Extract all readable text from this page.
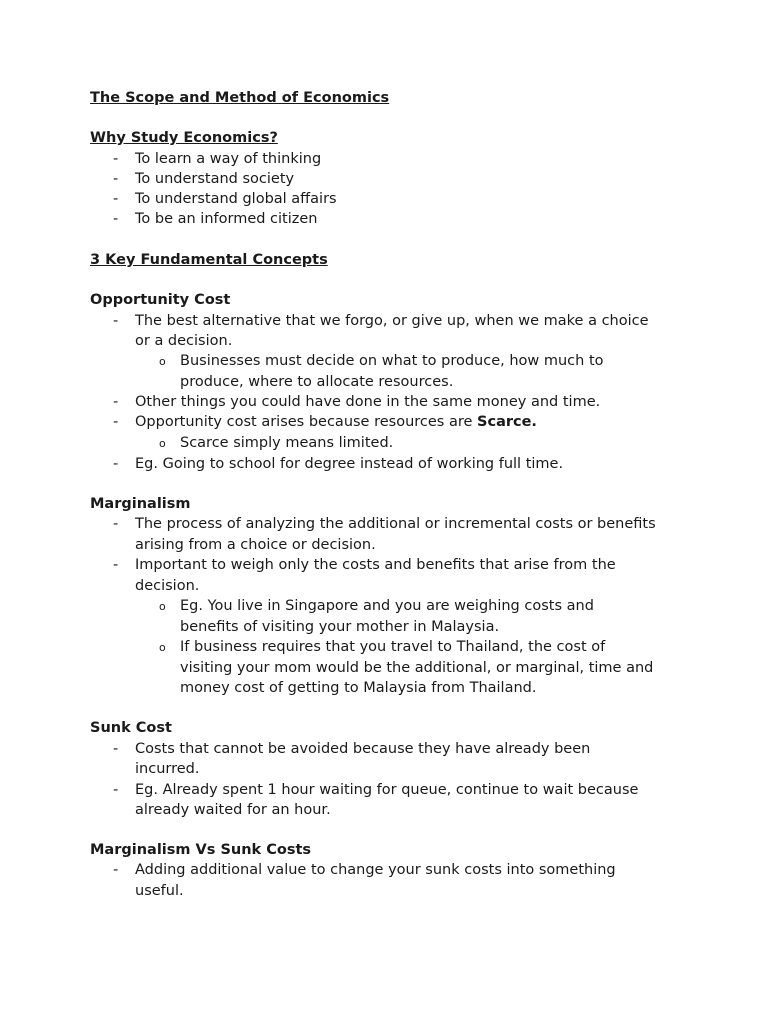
The Scope and Method of Economics
Why Study Economics?
- To learn a way of thinking
- To understand society
- To understand global affairs
- To be an informed citizen
3 Key Fundamental Concepts
Opportunity Cost
- The best alternative that we forgo, or give up, when we make a choice
or a decision.
o Businesses must decide on what to produce, how much to
produce, where to allocate resources.
- Other things you could have done in the same money and time.
- Opportunity cost arises because resources are Scarce.
o Scarce simply means limited.
- Eg. Going to school for degree instead of working full time.
Marginalism
- The process of analyzing the additional or incremental costs or benefits
arising from a choice or decision.
- Important to weigh only the costs and benefits that arise from the
decision.
o Eg. You live in Singapore and you are weighing costs and
benefits of visiting your mother in Malaysia.
o If business requires that you travel to Thailand, the cost of
visiting your mom would be the additional, or marginal, time and
money cost of getting to Malaysia from Thailand.
Sunk Cost
- Costs that cannot be avoided because they have already been
incurred.
- Eg. Already spent 1 hour waiting for queue, continue to wait because
already waited for an hour.
Marginalism Vs Sunk Costs
- Adding additional value to change your sunk costs into something
useful.
